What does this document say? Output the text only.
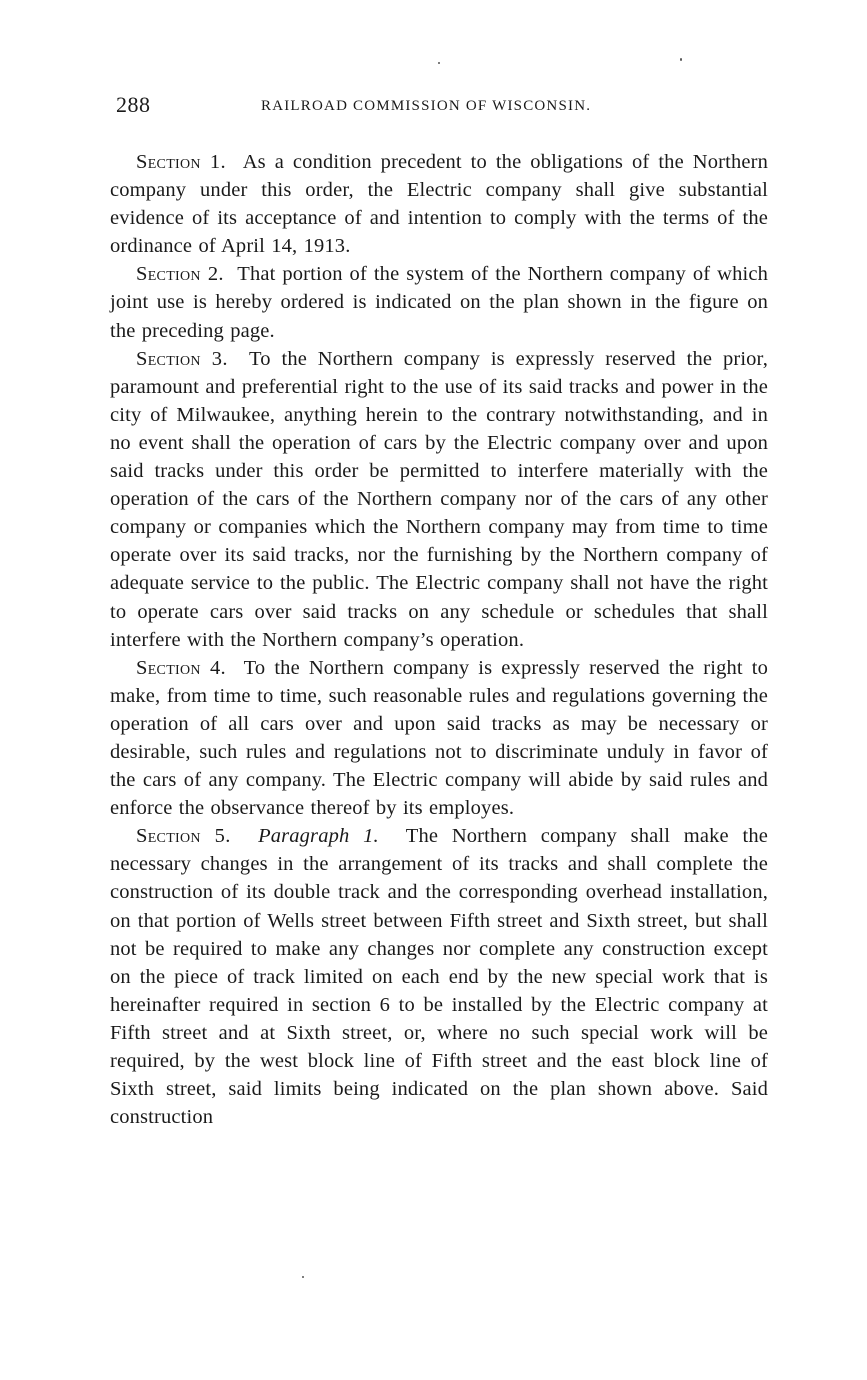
288	RAILROAD COMMISSION OF WISCONSIN.

Section 1. As a condition precedent to the obligations of the Northern company under this order, the Electric company shall give substantial evidence of its acceptance of and intention to comply with the terms of the ordinance of April 14, 1913.

Section 2. That portion of the system of the Northern company of which joint use is hereby ordered is indicated on the plan shown in the figure on the preceding page.

Section 3. To the Northern company is expressly reserved the prior, paramount and preferential right to the use of its said tracks and power in the city of Milwaukee, anything herein to the contrary notwithstanding, and in no event shall the operation of cars by the Electric company over and upon said tracks under this order be permitted to interfere materially with the operation of the cars of the Northern company nor of the cars of any other company or companies which the Northern company may from time to time operate over its said tracks, nor the furnishing by the Northern company of adequate service to the public. The Electric company shall not have the right to operate cars over said tracks on any schedule or schedules that shall interfere with the Northern company’s operation.

Section 4. To the Northern company is expressly reserved the right to make, from time to time, such reasonable rules and regulations governing the operation of all cars over and upon said tracks as may be necessary or desirable, such rules and regulations not to discriminate unduly in favor of the cars of any company. The Electric company will abide by said rules and enforce the observance thereof by its employes.

Section 5. Paragraph 1. The Northern company shall make the necessary changes in the arrangement of its tracks and shall complete the construction of its double track and the corresponding overhead installation, on that portion of Wells street between Fifth street and Sixth street, but shall not be required to make any changes nor complete any construction except on the piece of track limited on each end by the new special work that is hereinafter required in section 6 to be installed by the Electric company at Fifth street and at Sixth street, or, where no such special work will be required, by the west block line of Fifth street and the east block line of Sixth street, said limits being indicated on the plan shown above. Said construction
